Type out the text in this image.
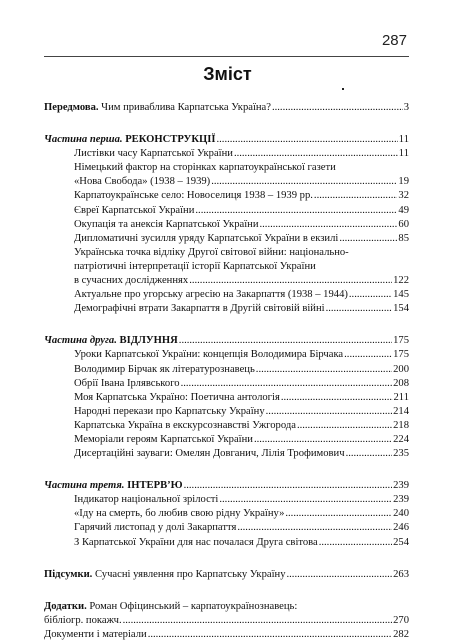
287
Зміст
Передмова. Чим приваблива Карпатська Україна? .....	3
Частина перша. РЕКОНСТРУКЦІЇ .....	11
Листівки часу Карпатської України .....	11
Німецький фактор на сторінках карпатоукраїнської газети
«Нова Свобода» (1938 – 1939) .....	19
Карпатоукраїнське село: Новоселиця 1938 – 1939 рр. .....	32
Євреї Карпатської України .....	49
Окупація та анексія Карпатської України .....	60
Дипломатичні зусилля уряду Карпатської України в екзилі .....	85
Українська точка відліку Другої світової війни: національно-
патріотичні інтерпретації історії Карпатської України
в сучасних дослідженнях .....	122
Актуальне про угорську агресію на Закарпаття (1938 – 1944) .....	145
Демографічні втрати Закарпаття в Другій світовій війні .....	154
Частина друга. ВІДЛУННЯ .....	175
Уроки Карпатської України: концепція Володимира Бірчака .....	175
Володимир Бірчак як літературознавець .....	200
Обрії Івана Ірлявського .....	208
Моя Карпатська Україно: Поетична антологія .....	211
Народні перекази про Карпатську Україну .....	214
Карпатська Україна в екскурсознавстві Ужгорода .....	218
Меморіали героям Карпатської України .....	224
Дисертаційні зауваги: Омелян Довганич, Лілія Трофимович .....	235
Частина третя. ІНТЕРВ’Ю .....	239
Індикатор національної зрілості .....	239
«Іду на смерть, бо любив свою рідну Україну» .....	240
Гарячий листопад у долі Закарпаття .....	246
З Карпатської України для нас почалася Друга світова .....	254
Підсумки. Сучасні уявлення про Карпатську Україну .....	263
Додатки. Роман Офіцинський – карпатоукраїнознавець:
бібліогр. покажч. .....	270
Документи і матеріали .....	282
